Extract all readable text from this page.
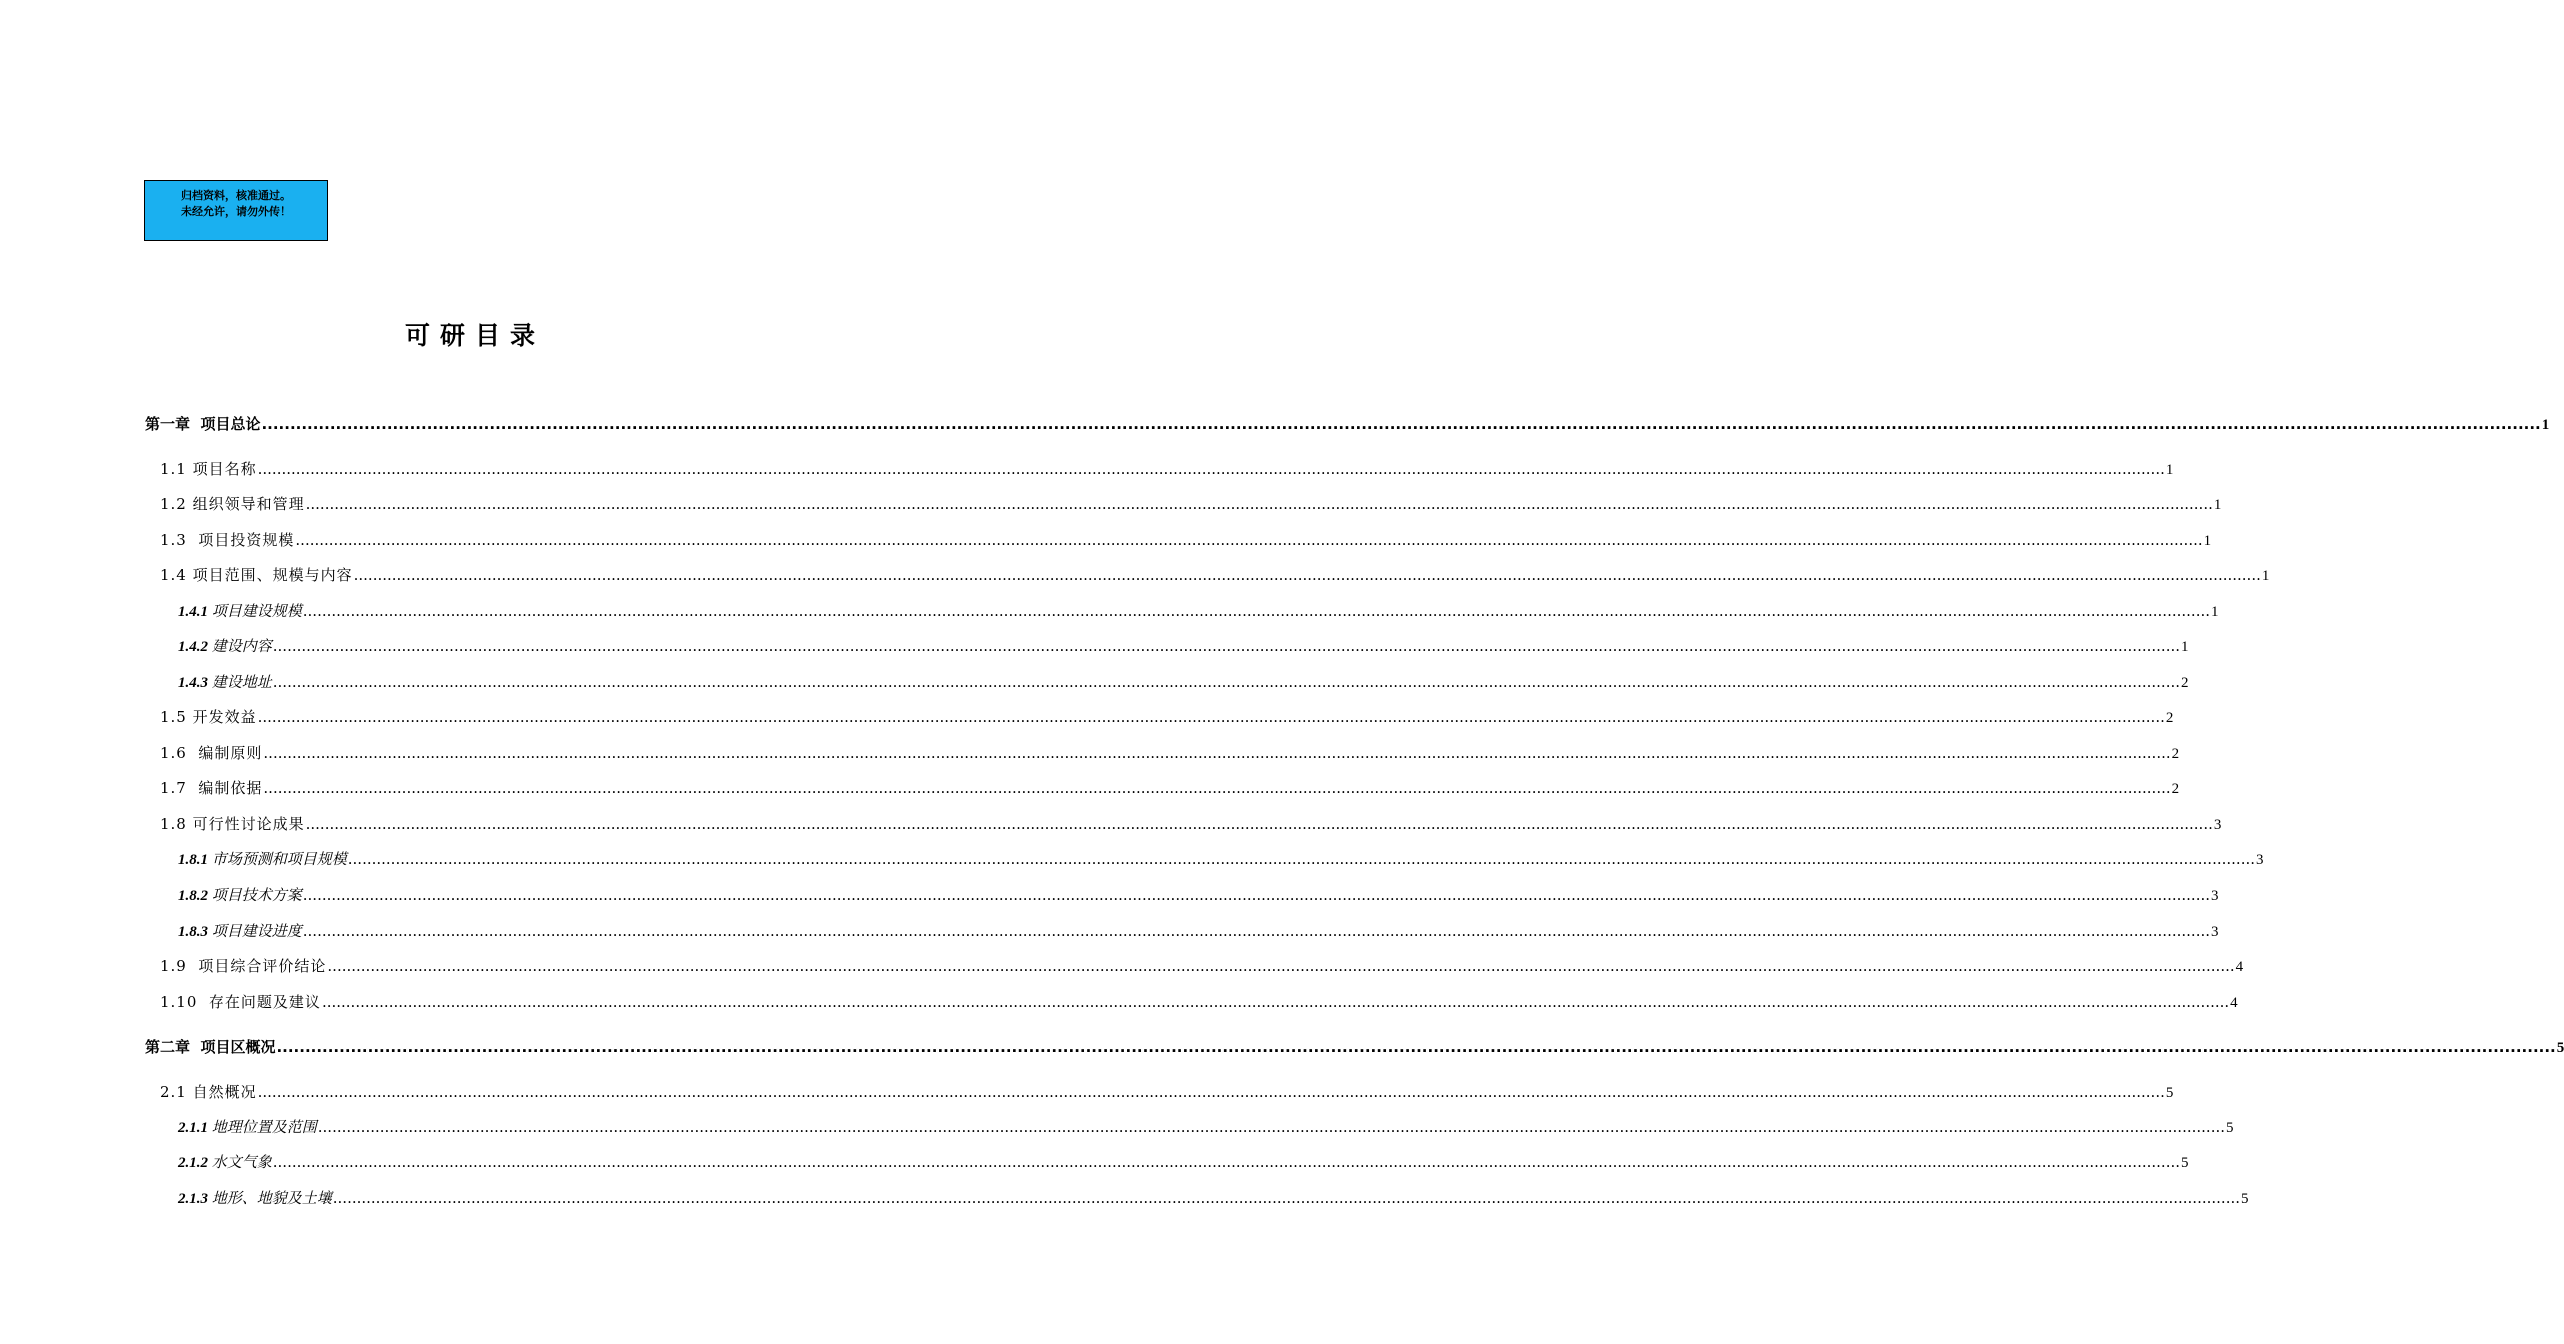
归档资料，核准通过。
未经允许，请勿外传！
可研目录
第一章  项目总论 ................................................................................................................................................................................................................................................................................................................................................................................................................ 1
1.1 项目名称 ................................................................................................................................................................................................................................................................................................................................................................................................................ 1
1.2 组织领导和管理 ................................................................................................................................................................................................................................................................................................................................................................................................................ 1
1.3  项目投资规模 ................................................................................................................................................................................................................................................................................................................................................................................................................ 1
1.4 项目范围、规模与内容 ................................................................................................................................................................................................................................................................................................................................................................................................................ 1
1.4.1 项目建设规模 ................................................................................................................................................................................................................................................................................................................................................................................................................ 1
1.4.2 建设内容 ................................................................................................................................................................................................................................................................................................................................................................................................................ 1
1.4.3 建设地址 ................................................................................................................................................................................................................................................................................................................................................................................................................ 2
1.5 开发效益 ................................................................................................................................................................................................................................................................................................................................................................................................................ 2
1.6  编制原则 ................................................................................................................................................................................................................................................................................................................................................................................................................ 2
1.7  编制依据 ................................................................................................................................................................................................................................................................................................................................................................................................................ 2
1.8 可行性讨论成果 ................................................................................................................................................................................................................................................................................................................................................................................................................ 3
1.8.1 市场预测和项目规模 ................................................................................................................................................................................................................................................................................................................................................................................................................ 3
1.8.2 项目技术方案 ................................................................................................................................................................................................................................................................................................................................................................................................................ 3
1.8.3 项目建设进度 ................................................................................................................................................................................................................................................................................................................................................................................................................ 3
1.9  项目综合评价结论 ................................................................................................................................................................................................................................................................................................................................................................................................................ 4
1.10  存在问题及建议 ................................................................................................................................................................................................................................................................................................................................................................................................................ 4
第二章  项目区概况 ................................................................................................................................................................................................................................................................................................................................................................................................................ 5
2.1 自然概况 ................................................................................................................................................................................................................................................................................................................................................................................................................ 5
2.1.1 地理位置及范围 ................................................................................................................................................................................................................................................................................................................................................................................................................ 5
2.1.2 水文气象 ................................................................................................................................................................................................................................................................................................................................................................................................................ 5
2.1.3 地形、地貌及土壤 ................................................................................................................................................................................................................................................................................................................................................................................................................ 5
